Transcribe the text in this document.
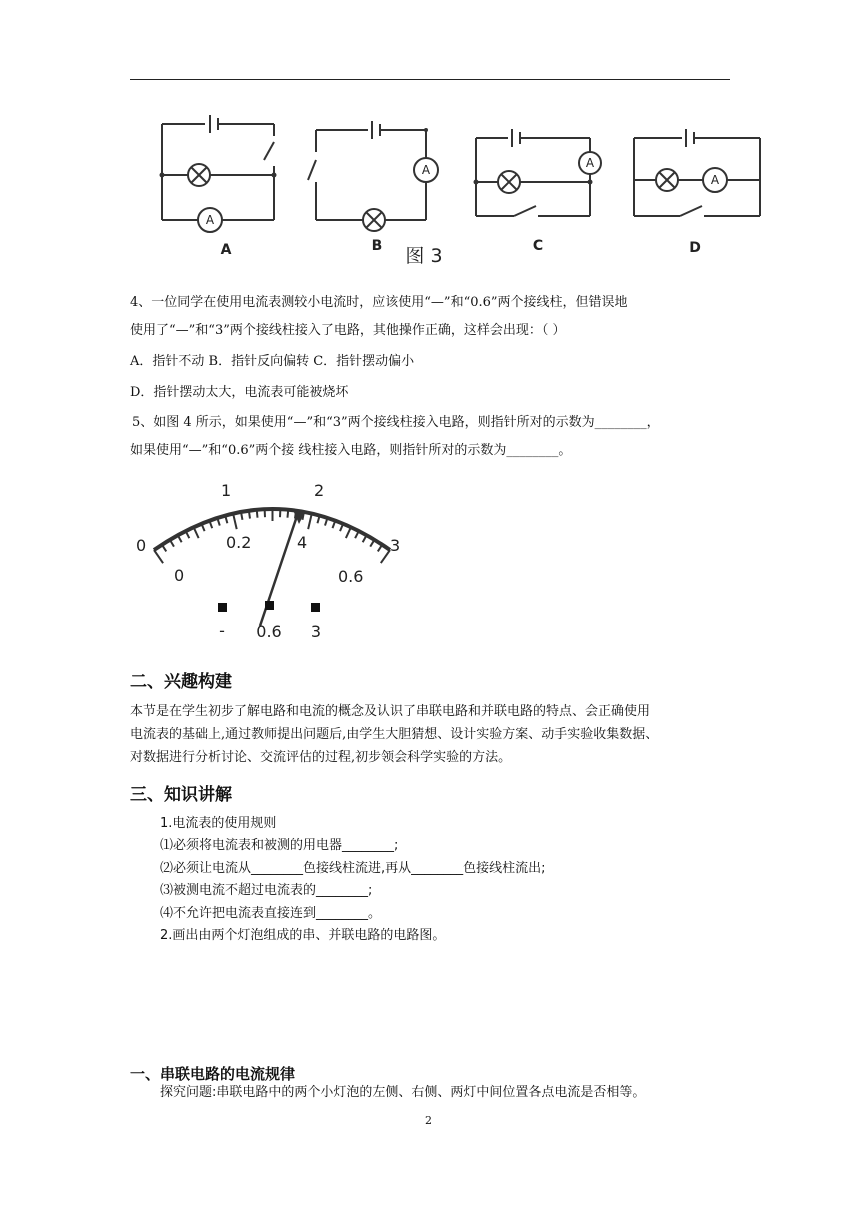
A
A	A
A
A	B	C	D
图 3
4、一位同学在使用电流表测较小电流时，应该使用“—”和“0.6”两个接线柱，但错误地
使用了“—”和“3”两个接线柱接入了电路，其他操作正确，这样会出现：（ ）
A．指针不动 B．指针反向偏转 C．指针摆动偏小
D．指针摆动太大，电流表可能被烧坏
5、如图 4 所示，如果使用“—”和“3”两个接线柱接入电路，则指针所对的示数为________，
如果使用“—”和“0.6”两个接 线柱接入电路，则指针所对的示数为________。
0
1	2
3
0
0.2	4
0.6
- 0.6 3
二、兴趣构建
本节是在学生初步了解电路和电流的概念及认识了串联电路和并联电路的特点、会正确使用
电流表的基础上,通过教师提出问题后,由学生大胆猜想、设计实验方案、动手实验收集数据、
对数据进行分析讨论、交流评估的过程,初步领会科学实验的方法。
三、知识讲解
1.电流表的使用规则
⑴必须将电流表和被测的用电器________;
⑵必须让电流从________色接线柱流进,再从________色接线柱流出;
⑶被测电流不超过电流表的________;
⑷不允许把电流表直接连到________。
2.画出由两个灯泡组成的串、并联电路的电路图。
一、串联电路的电流规律
探究问题:串联电路中的两个小灯泡的左侧、右侧、两灯中间位置各点电流是否相等。
2
